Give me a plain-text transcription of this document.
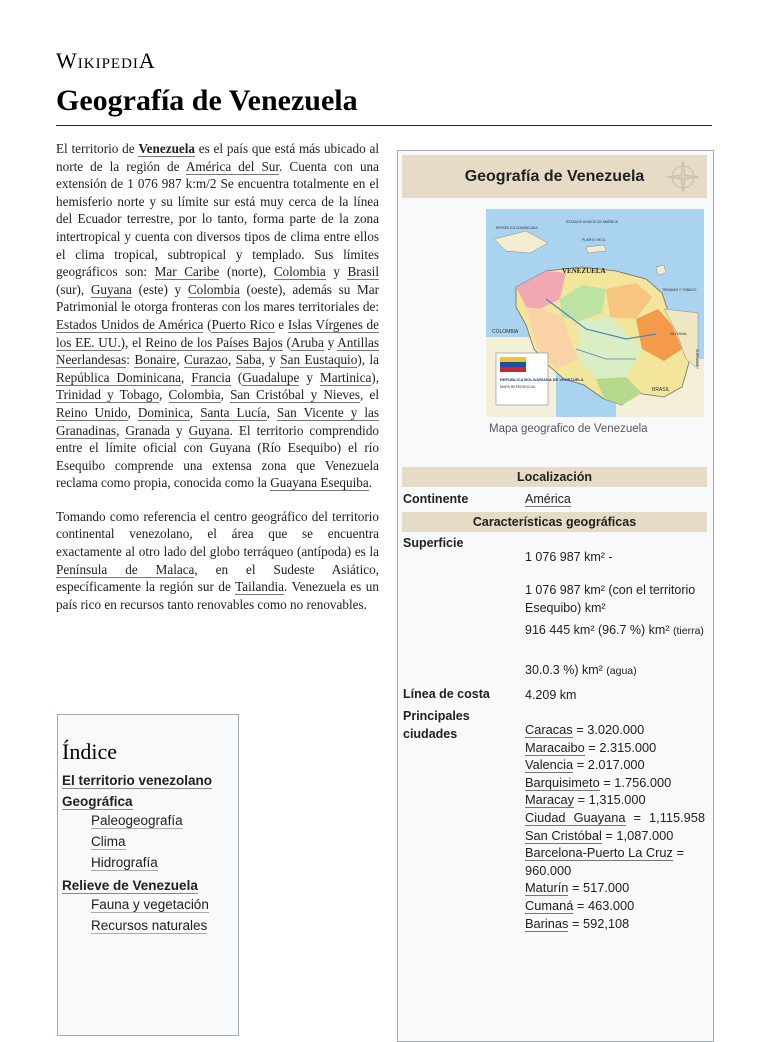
WikipediA
Geografía de Venezuela

El territorio de Venezuela es el país que está más ubicado al norte de la región de América del Sur. Cuenta con una extensión de 1 076 987 k:m/2 Se encuentra totalmente en el hemisferio norte y su límite sur está muy cerca de la línea del Ecuador terrestre, por lo tanto, forma parte de la zona intertropical y cuenta con diversos tipos de clima entre ellos el clima tropical, subtropical y templado. Sus límites geográficos son: Mar Caribe (norte), Colombia y Brasil (sur), Guyana (este) y Colombia (oeste), además su Mar Patrimonial le otorga fronteras con los mares territoriales de: Estados Unidos de América (Puerto Rico e Islas Vírgenes de los EE. UU.), el Reino de los Países Bajos (Aruba y Antillas Neerlandesas: Bonaire, Curazao, Saba, y San Eustaquio), la República Dominicana, Francia (Guadalupe y Martinica), Trinidad y Tobago, Colombia, San Cristóbal y Nieves, el Reino Unido, Dominica, Santa Lucía, San Vicente y las Granadinas, Granada y Guyana. El territorio comprendido entre el límite oficial con Guyana (Río Esequibo) el río Esequibo comprende una extensa zona que Venezuela reclama como propia, conocida como la Guayana Esequiba.

Tomando como referencia el centro geográfico del territorio continental venezolano, el área que se encuentra exactamente al otro lado del globo terráqueo (antípoda) es la Península de Malaca, en el Sudeste Asiático, específicamente la región sur de Tailandia. Venezuela es un país rico en recursos tanto renovables como no renovables.

Índice
El territorio venezolano
Geográfica
Paleogeografía
Clima
Hidrografía
Relieve de Venezuela
Fauna y vegetación
Recursos naturales
Geografía de Venezuela
REPÚBLICA BOLIVARIANA DE VENEZUELA
MAPA REFERENCIAL
VENEZUELA
COLOMBIA
BRASIL
REPÚBLICA DOMINICANA
PUERTO RICO
ESTADOS UNIDOS DE AMÉRICA
TRINIDAD Y TOBAGO
GUYANA
SURINAME
Mapa geografico de Venezuela
Localización
Continente	América
Características geográficas
Superficie
1 076 987 km² -
1 076 987 km² (con el territorio Esequibo) km²
916 445 km² (96.7 %) km² (tierra)
30.0.3 %) km² (agua)
Línea de costa	4.209 km
Principales ciudades	Caracas = 3.020.000
Maracaibo = 2.315.000
Valencia = 2.017.000
Barquisimeto = 1.756.000
Maracay = 1,315.000
Ciudad Guayana = 1,115.958
San Cristóbal = 1,087.000
Barcelona-Puerto La Cruz = 960.000
Maturín = 517.000
Cumaná = 463.000
Barinas = 592,108
